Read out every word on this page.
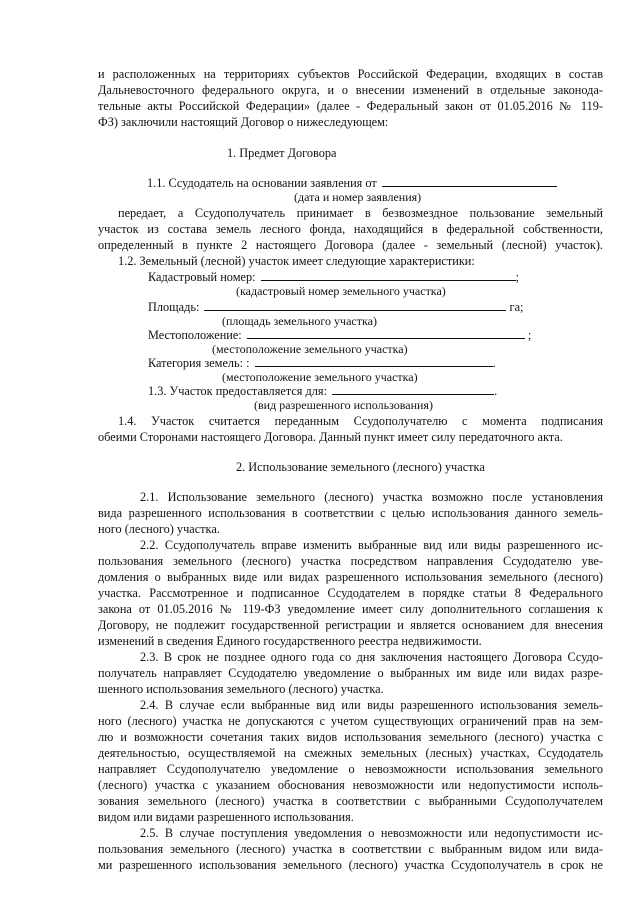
и расположенных на территориях субъектов Российской Федерации, входящих в состав
Дальневосточного федерального округа, и о внесении изменений в отдельные законода-
тельные акты Российской Федерации» (далее - Федеральный закон от 01.05.2016 № 119-
ФЗ) заключили настоящий Договор о нижеследующем:
1. Предмет Договора
1.1. Ссудодатель на основании заявления от
(дата и номер заявления)
передает, а Ссудополучатель принимает в безвозмездное пользование земельный
участок из состава земель лесного фонда, находящийся в федеральной собственности,
определенный в пункте 2 настоящего Договора (далее - земельный (лесной) участок).
1.2. Земельный (лесной) участок имеет следующие характеристики:
Кадастровый номер:	;
(кадастровый номер земельного участка)
Площадь:	га;
(площадь земельного участка)
Местоположение:	;
(местоположение земельного участка)
Категория земель: :	.
(местоположение земельного участка)
1.3. Участок предоставляется для:	.
(вид разрешенного использования)
1.4. Участок считается переданным Ссудополучателю с момента подписания
обеими Сторонами настоящего Договора. Данный пункт имеет силу передаточного акта.
2. Использование земельного (лесного) участка
2.1. Использование земельного (лесного) участка возможно после установления
вида разрешенного использования в соответствии с целью использования данного земель-
ного (лесного) участка.
2.2. Ссудополучатель вправе изменить выбранные вид или виды разрешенного ис-
пользования земельного (лесного) участка посредством направления Ссудодателю уве-
домления о выбранных виде или видах разрешенного использования земельного (лесного)
участка. Рассмотренное и подписанное Ссудодателем в порядке статьи 8 Федерального
закона от 01.05.2016 № 119-ФЗ уведомление имеет силу дополнительного соглашения к
Договору, не подлежит государственной регистрации и является основанием для внесения
изменений в сведения Единого государственного реестра недвижимости.
2.3. В срок не позднее одного года со дня заключения настоящего Договора Ссудо-
получатель направляет Ссудодателю уведомление о выбранных им виде или видах разре-
шенного использования земельного (лесного) участка.
2.4. В случае если выбранные вид или виды разрешенного использования земель-
ного (лесного) участка не допускаются с учетом существующих ограничений прав на зем-
лю и возможности сочетания таких видов использования земельного (лесного) участка с
деятельностью, осуществляемой на смежных земельных (лесных) участках, Ссудодатель
направляет Ссудополучателю уведомление о невозможности использования земельного
(лесного) участка с указанием обоснования невозможности или недопустимости исполь-
зования земельного (лесного) участка в соответствии с выбранными Ссудополучателем
видом или видами разрешенного использования.
2.5. В случае поступления уведомления о невозможности или недопустимости ис-
пользования земельного (лесного) участка в соответствии с выбранным видом или вида-
ми разрешенного использования земельного (лесного) участка Ссудополучатель в срок не
